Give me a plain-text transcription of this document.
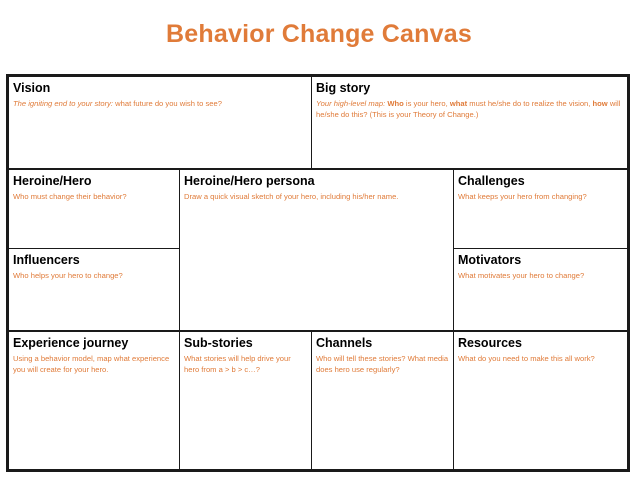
Behavior Change Canvas
Vision
The igniting end to your story: what future do you wish to see?
Big story
Your high-level map: Who is your hero, what must he/she do to realize the vision, how will he/she do this? (This is your Theory of Change.)
Heroine/Hero
Who must change their behavior?
Heroine/Hero persona
Draw a quick visual sketch of your hero, including his/her name.
Challenges
What keeps your hero from changing?
Influencers
Who helps your hero to change?
Motivators
What motivates your hero to change?
Experience journey
Using a behavior model, map what experience you will create for your hero.
Sub-stories
What stories will help drive your hero from a > b > c…?
Channels
Who will tell these stories? What media does hero use regularly?
Resources
What do you need to make this all work?
